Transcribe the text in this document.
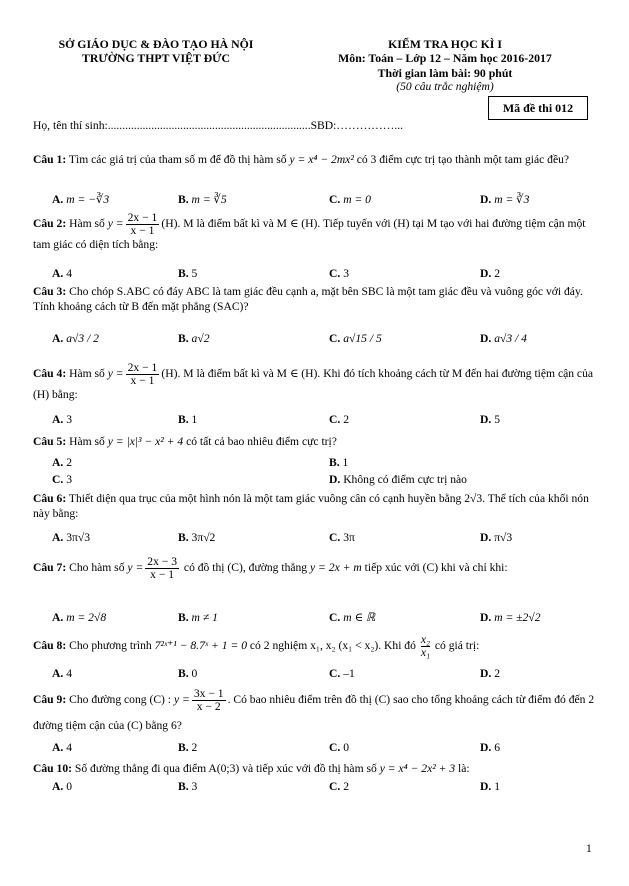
SỞ GIÁO DỤC & ĐÀO TẠO HÀ NỘI
TRƯỜNG THPT VIỆT ĐỨC
KIỂM TRA HỌC KÌ I
Môn: Toán – Lớp 12 – Năm học 2016-2017
Thời gian làm bài: 90 phút
(50 câu trắc nghiệm)
Mã đề thi 012
Họ, tên thí sinh:......................................................................SBD:……………...
Câu 1: Tìm các giá trị của tham số m để đồ thị hàm số y = x⁴ − 2mx² có 3 điểm cực trị tạo thành một tam giác đều?
A. m = −∛3	B. m = ∛5	C. m = 0	D. m = ∛3
Câu 2: Hàm số $y = \frac{2x - 1}{x - 1} (H)$. M là điểm bất kì và M ∈ (H). Tiếp tuyến với (H) tại M tạo với hai đường tiệm cận một tam giác có diện tích bằng:
A. 4	B. 5	C. 3	D. 2
Câu 3: Cho chóp S.ABC có đáy ABC là tam giác đều cạnh a, mặt bên SBC là một tam giác đều và vuông góc với đáy. Tính khoảng cách từ B đến mặt phẳng (SAC)?
A. a√3 / 2	B. a√2	C. a√15 / 5	D. a√3 / 4
Câu 4: Hàm số $y = \frac{2x - 1}{x - 1} (H)$. M là điểm bất kì và M ∈ (H). Khi đó tích khoảng cách từ M đến hai đường tiệm cận của (H) bằng:
A. 3	B. 1	C. 2	D. 5
Câu 5: Hàm số y = |x|³ − x² + 4 có tất cả bao nhiêu điểm cực trị?
A. 2	B. 1
C. 3	D. Không có điểm cực trị nào
Câu 6: Thiết diện qua trục của một hình nón là một tam giác vuông cân có cạnh huyền bằng 2√3. Thể tích của khối nón này bằng:
A. 3π√3	B. 3π√2	C. 3π	D. π√3
Câu 7: Cho hàm số $y = \frac{2x - 3}{x - 1}$ có đồ thị (C), đường thẳng y = 2x + m tiếp xúc với (C) khi và chỉ khi:
A. m = 2√8	B. m ≠ 1	C. m ∈ ℝ	D. m = ±2√2
Câu 8: Cho phương trình 7²ˣ⁺¹ − 8.7ˣ + 1 = 0 có 2 nghiệm x₁, x₂ (x₁ < x₂). Khi đó $\frac{\text{x₂}}{\text{x₁}}$ có giá trị:
A. 4	B. 0	C. –1	D. 2
Câu 9: Cho đường cong (C) : $y = \frac{3x - 1}{x - 2}$ . Có bao nhiêu điểm trên đồ thị (C) sao cho tổng khoảng cách từ điểm đó đến 2 đường tiệm cận của (C) bằng 6?
A. 4	B. 2	C. 0	D. 6
Câu 10: Số đường thẳng đi qua điểm A(0;3) và tiếp xúc với đồ thị hàm số y = x⁴ − 2x² + 3 là:
A. 0	B. 3	C. 2	D. 1
1
